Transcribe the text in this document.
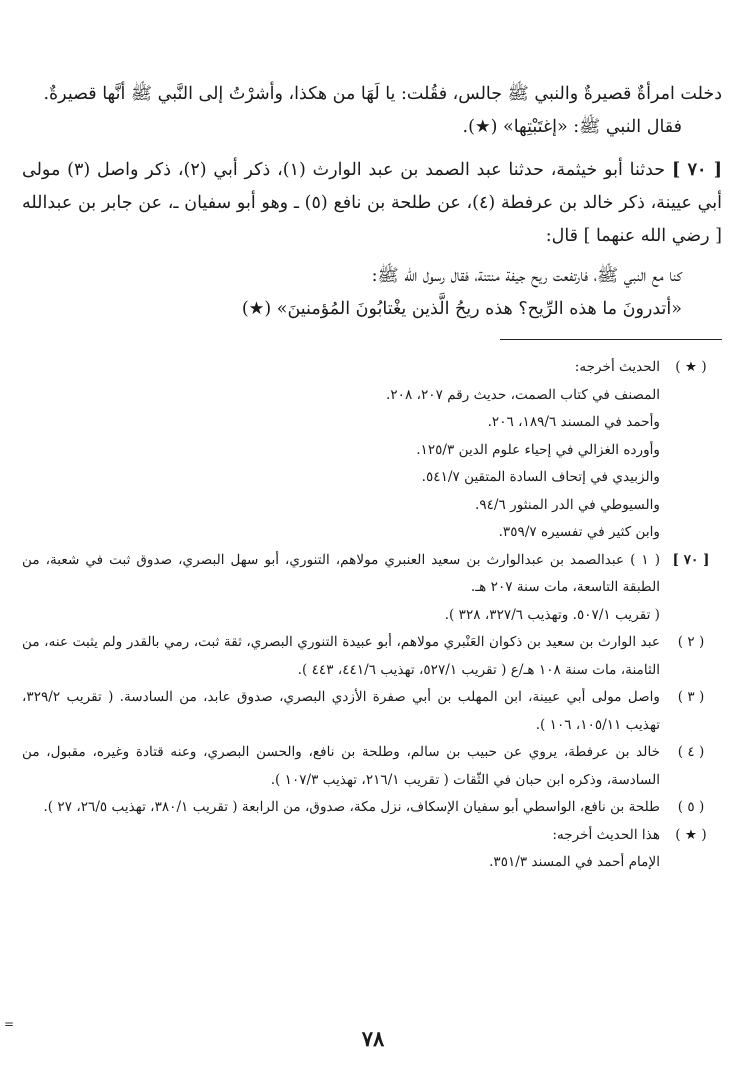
دخلت امرأةٌ قصيرةٌ والنبي ﷺ جالس، فقُلت: يا لَهَا من هكذا، وأشرْتُ إلى النَّبي ﷺ أنَّها قصيرةٌ.

فقال النبي ﷺ: «إغتَبْتِها» (★).

[ ٧٠ ] حدثنا أبو خيثمة، حدثنا عبد الصمد بن عبد الوارث (١)، ذكر أبي (٢)، ذكر واصل (٣) مولى أبي عيينة، ذكر خالد بن عرفطة (٤)، عن طلحة بن نافع (٥) ـ وهو أبو سفيان ـ، عن جابر بن عبدالله [ رضي الله عنهما ] قال:

كنا مع النبي ﷺ، فارتفعت ريح جيفة منتنة، فقال رسول الله ﷺ:

«أتدرونَ ما هذه الرِّيح؟ هذه ريحُ الَّذين يغْتابُونَ المُؤمنينَ» (★)

( ★ )
الحديث أخرجه:
المصنف في كتاب الصمت، حديث رقم ٢٠٧، ٢٠٨.
وأحمد في المسند ١٨٩/٦، ٢٠٦.
وأورده الغزالي في إحياء علوم الدين ١٢٥/٣.
والزبيدي في إتحاف السادة المتقين ٥٤١/٧.
والسيوطي في الدر المنثور ٩٤/٦.
وابن كثير في تفسيره ٣٥٩/٧.
[ ٧٠ ]
( ١ ) عبدالصمد بن عبدالوارث بن سعيد العنبري مولاهم، التنوري، أبو سهل البصري، صدوق ثبت في شعبة، من الطبقة التاسعة، مات سنة ٢٠٧ هـ.
( تقريب ٥٠٧/١. وتهذيب ٣٢٧/٦، ٣٢٨ ).
( ٢ )
عبد الوارث بن سعيد بن ذكوان العَنْبري مولاهم، أبو عبيدة التنوري البصري، ثقة ثبت، رمي بالقدر ولم يثبت عنه، من الثامنة، مات سنة ١٠٨ هـ/ع ( تقريب ٥٢٧/١، تهذيب ٤٤١/٦، ٤٤٣ ).
( ٣ )
واصل مولى أبي عيينة، ابن المهلب بن أبي صفرة الأزدي البصري، صدوق عابد، من السادسة. ( تقريب ٣٢٩/٢، تهذيب ١٠٥/١١، ١٠٦ ).
( ٤ )
خالد بن عرفطة، يروي عن حبيب بن سالم، وطلحة بن نافع، والحسن البصري، وعنه قتادة وغيره، مقبول، من السادسة، وذكره ابن حبان في الثّقات ( تقريب ٢١٦/١، تهذيب ١٠٧/٣ ).
( ٥ )
طلحة بن نافع، الواسطي أبو سفيان الإسكاف، نزل مكة، صدوق، من الرابعة ( تقريب ٣٨٠/١، تهذيب ٢٦/٥، ٢٧ ).
( ★ )
هذا الحديث أخرجه:
الإمام أحمد في المسند ٣٥١/٣.
٧٨
=
